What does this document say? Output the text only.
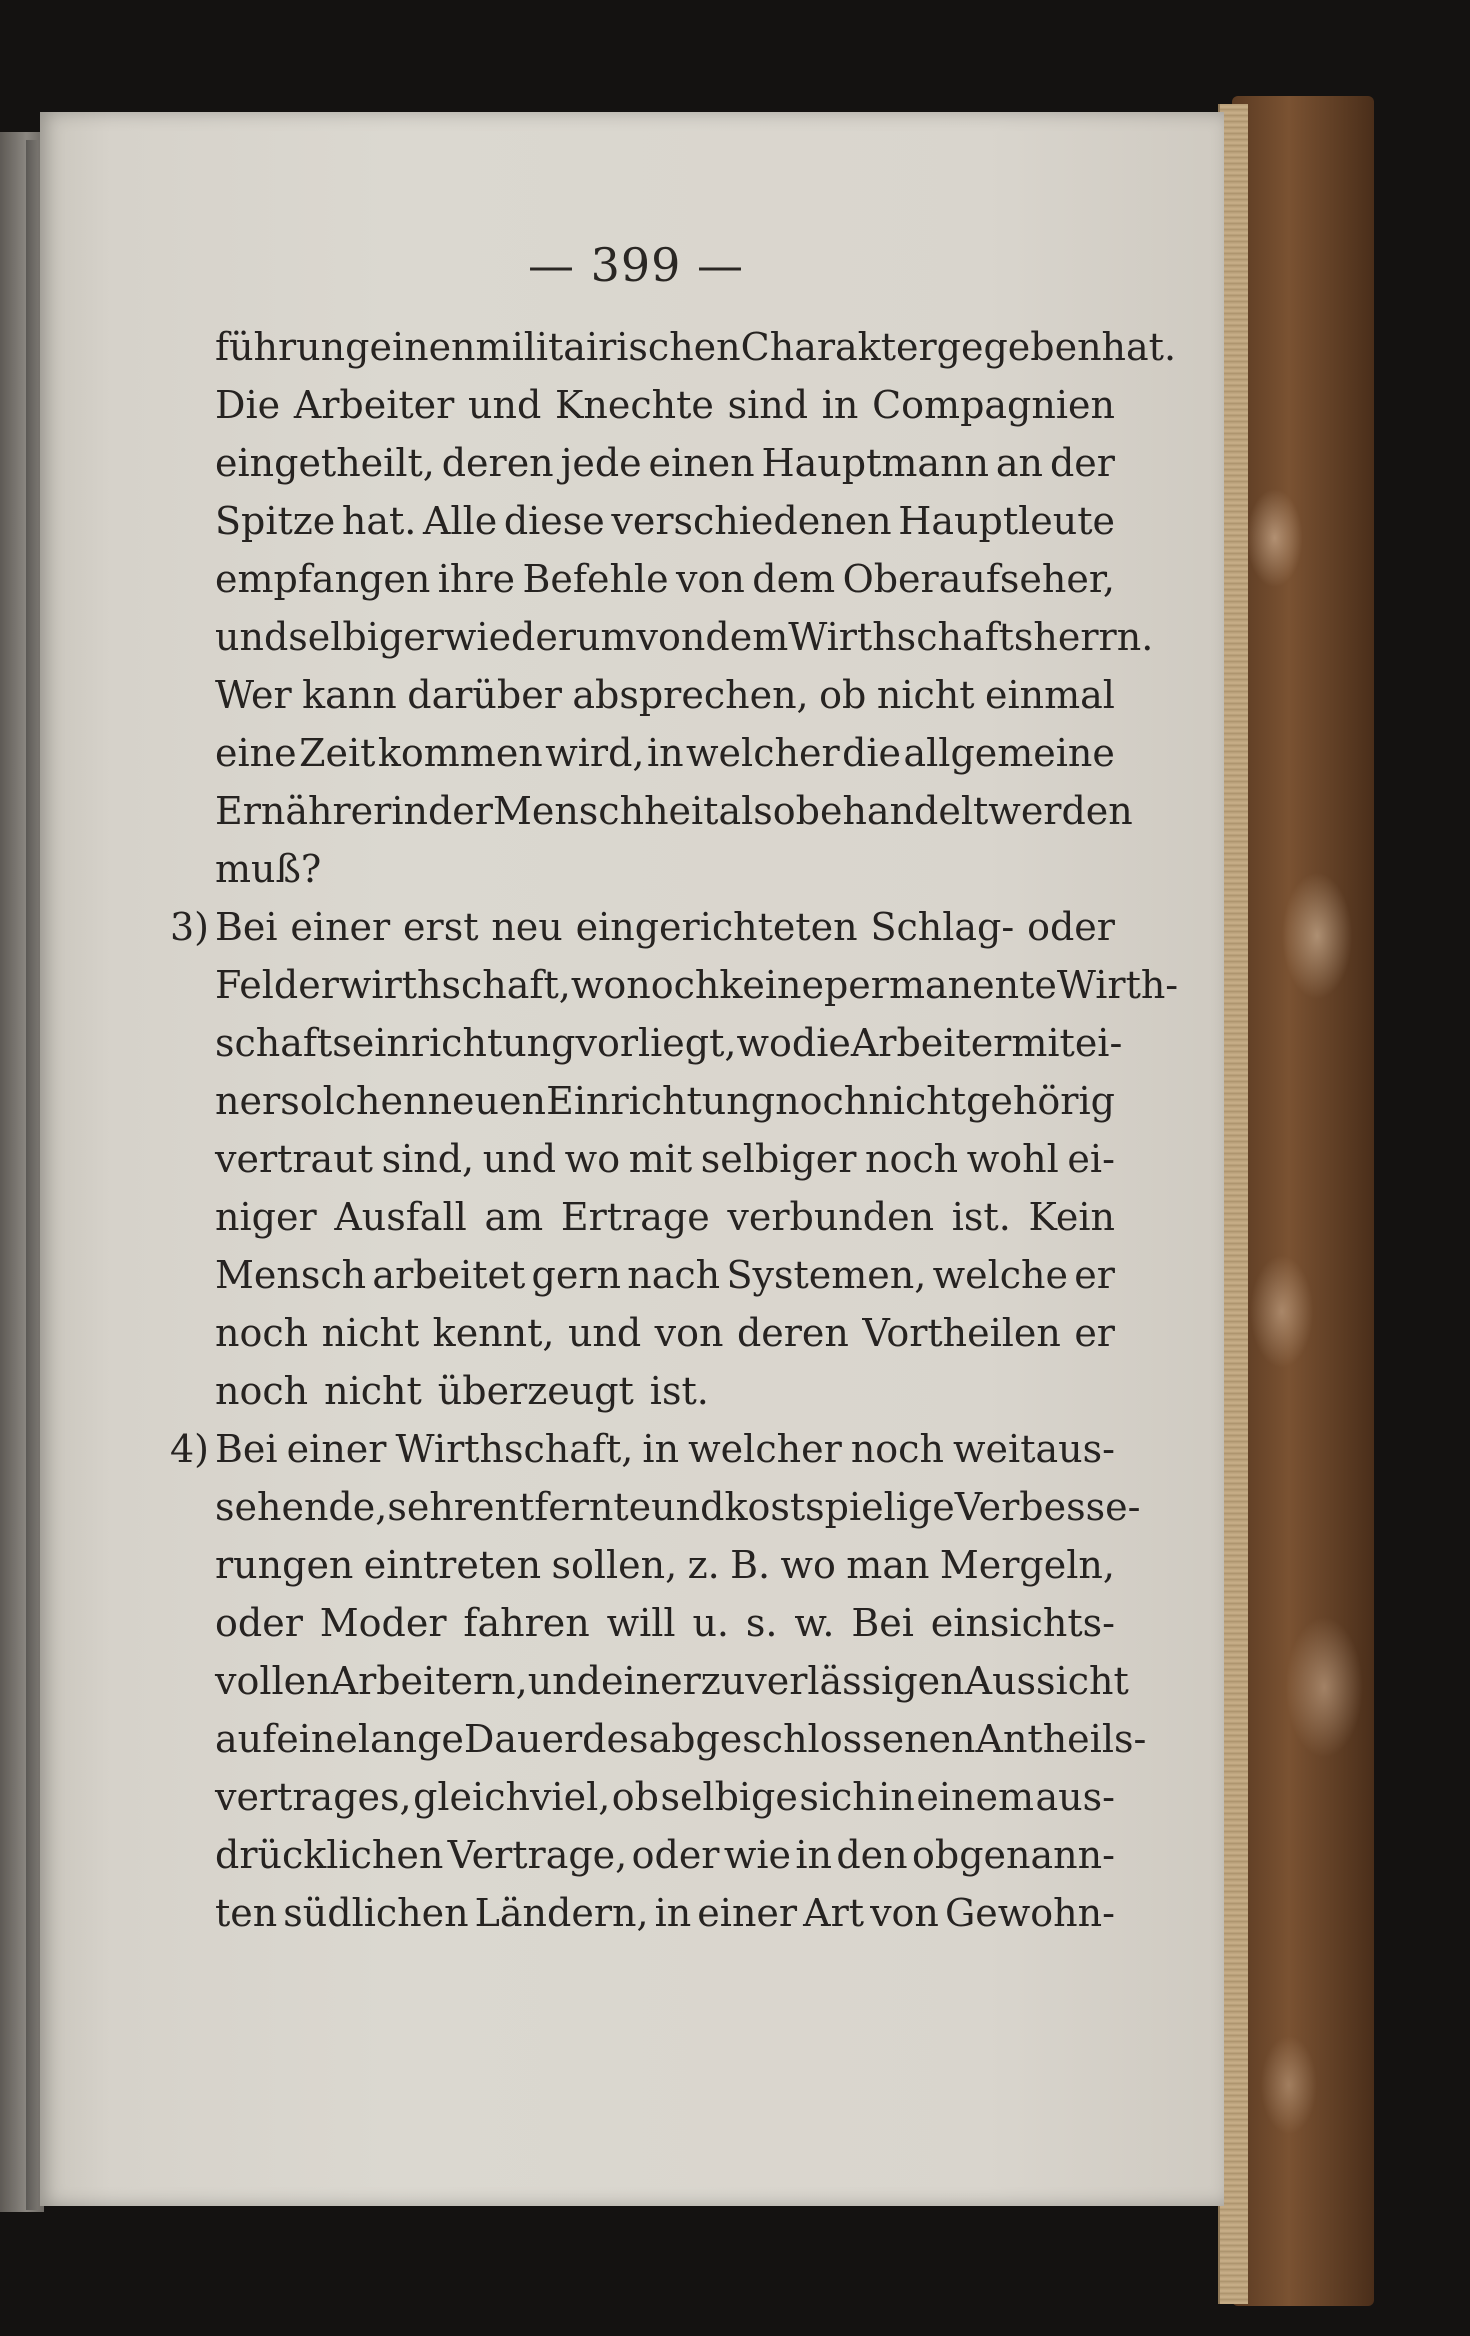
— 399 —
führung einen militairischen Charakter gegeben hat.
Die Arbeiter und Knechte sind in Compagnien
eingetheilt, deren jede einen Hauptmann an der
Spitze hat. Alle diese verschiedenen Hauptleute
empfangen ihre Befehle von dem Oberaufseher,
und selbiger wiederum von dem Wirthschaftsherrn.
Wer kann darüber absprechen, ob nicht einmal
eine Zeit kommen wird, in welcher die allgemeine
Ernährerin der Menschheit also behandelt werden
muß?
3) Bei einer erst neu eingerichteten Schlag- oder
Felderwirthschaft, wo noch keine permanente Wirth-
schaftseinrichtung vorliegt, wo die Arbeiter mit ei-
ner solchen neuen Einrichtung noch nicht gehörig
vertraut sind, und wo mit selbiger noch wohl ei-
niger Ausfall am Ertrage verbunden ist. Kein
Mensch arbeitet gern nach Systemen, welche er
noch nicht kennt, und von deren Vortheilen er
noch nicht überzeugt ist.
4) Bei einer Wirthschaft, in welcher noch weitaus-
sehende, sehr entfernte und kostspielige Verbesse-
rungen eintreten sollen, z. B. wo man Mergeln,
oder Moder fahren will u. s. w. Bei einsichts-
vollen Arbeitern, und einer zuverlässigen Aussicht
auf eine lange Dauer des abgeschlossenen Antheils-
vertrages, gleichviel, ob selbige sich in einem aus-
drücklichen Vertrage, oder wie in den obgenann-
ten südlichen Ländern, in einer Art von Gewohn-
